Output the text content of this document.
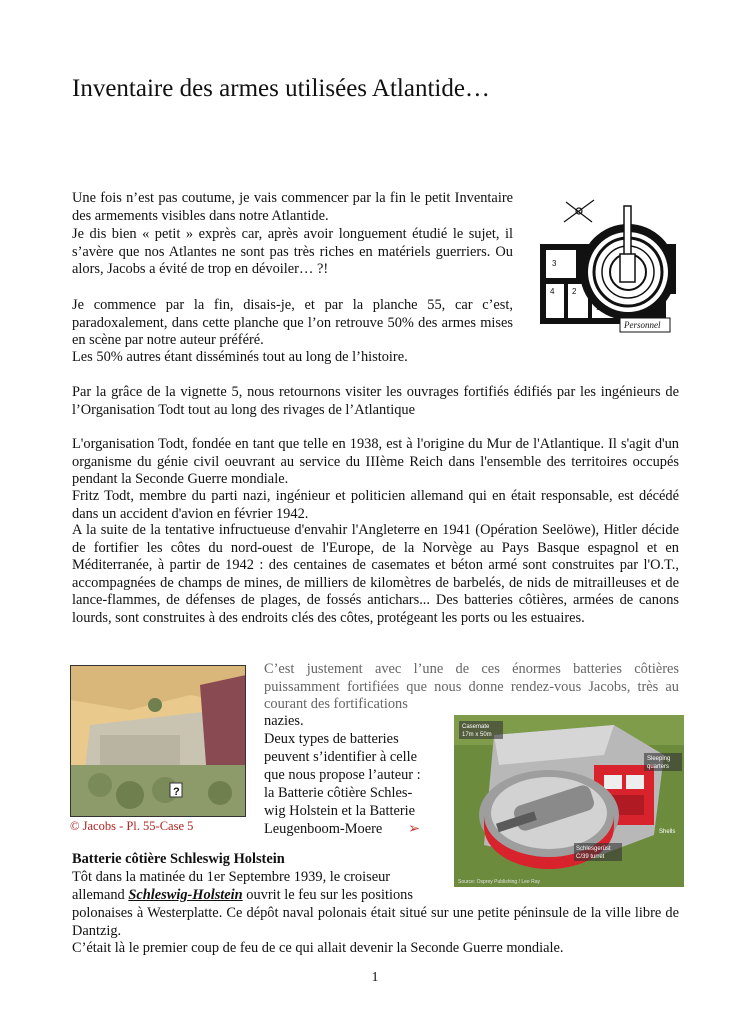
Inventaire des armes utilisées Atlantide…

Une fois n’est pas coutume, je vais commencer par la fin le petit Inventaire des armements visibles dans notre Atlantide.

Je dis bien « petit » exprès car, après avoir longuement étudié le sujet, il s’avère que nos Atlantes ne sont pas très riches en matériels guerriers. Ou alors, Jacobs a évité de trop en dévoiler… ?!

Je commence par la fin, disais-je, et par la planche 55, car c’est, paradoxalement, dans cette planche que l’on retrouve 50% des armes mises en scène par notre auteur préféré.

Les 50% autres étant disséminés tout au long de l’histoire.

3
4 2
1
Personnel

Par la grâce de la vignette 5, nous retournons visiter les ouvrages fortifiés édifiés par les ingénieurs de l’Organisation Todt tout au long des rivages de l’Atlantique

L'organisation Todt, fondée en tant que telle en 1938, est à l'origine du Mur de l'Atlantique. Il s'agit d'un organisme du génie civil oeuvrant au service du IIIème Reich dans l'ensemble des territoires occupés pendant la Seconde Guerre mondiale.

Fritz Todt, membre du parti nazi, ingénieur et politicien allemand qui en était responsable, est décédé dans un accident d'avion en février 1942.

A la suite de la tentative infructueuse d'envahir l'Angleterre en 1941 (Opération Seelöwe), Hitler décide de fortifier les côtes du nord-ouest de l'Europe, de la Norvège au Pays Basque espagnol et en Méditerranée, à partir de 1942 : des centaines de casemates et béton armé sont construites par l'O.T., accompagnées de champs de mines, de milliers de kilomètres de barbelés, de nids de mitrailleuses et de lance-flammes, de défenses de plages, de fossés antichars... Des batteries côtières, armées de canons lourds, sont construites à des endroits clés des côtes, protégeant les ports ou les estuaires.

?
© Jacobs - Pl. 55-Case 5

C’est justement avec l’une de ces énormes batteries côtières puissamment fortifiées que nous donne rendez-vous Jacobs, très au courant des fortifications

nazies.

Deux types de batteries

peuvent s’identifier à celle

que nous propose l’auteur :

la Batterie côtière Schles-

wig Holstein et la Batterie

Leugenboom-Moere ➢
Casemate
17m x 50m
Sleeping
quarters
Shells
Schlesgerüst
C/39 turret
Source: Osprey Publishing / Lee Ray

Batterie côtière Schleswig Holstein

Tôt dans la matinée du 1er Septembre 1939, le croiseur

allemand Schleswig-Holstein ouvrit le feu sur les positions

polonaises à Westerplatte. Ce dépôt naval polonais était situé sur une petite péninsule de la ville libre de Dantzig.

C’était là le premier coup de feu de ce qui allait devenir la Seconde Guerre mondiale.

1
